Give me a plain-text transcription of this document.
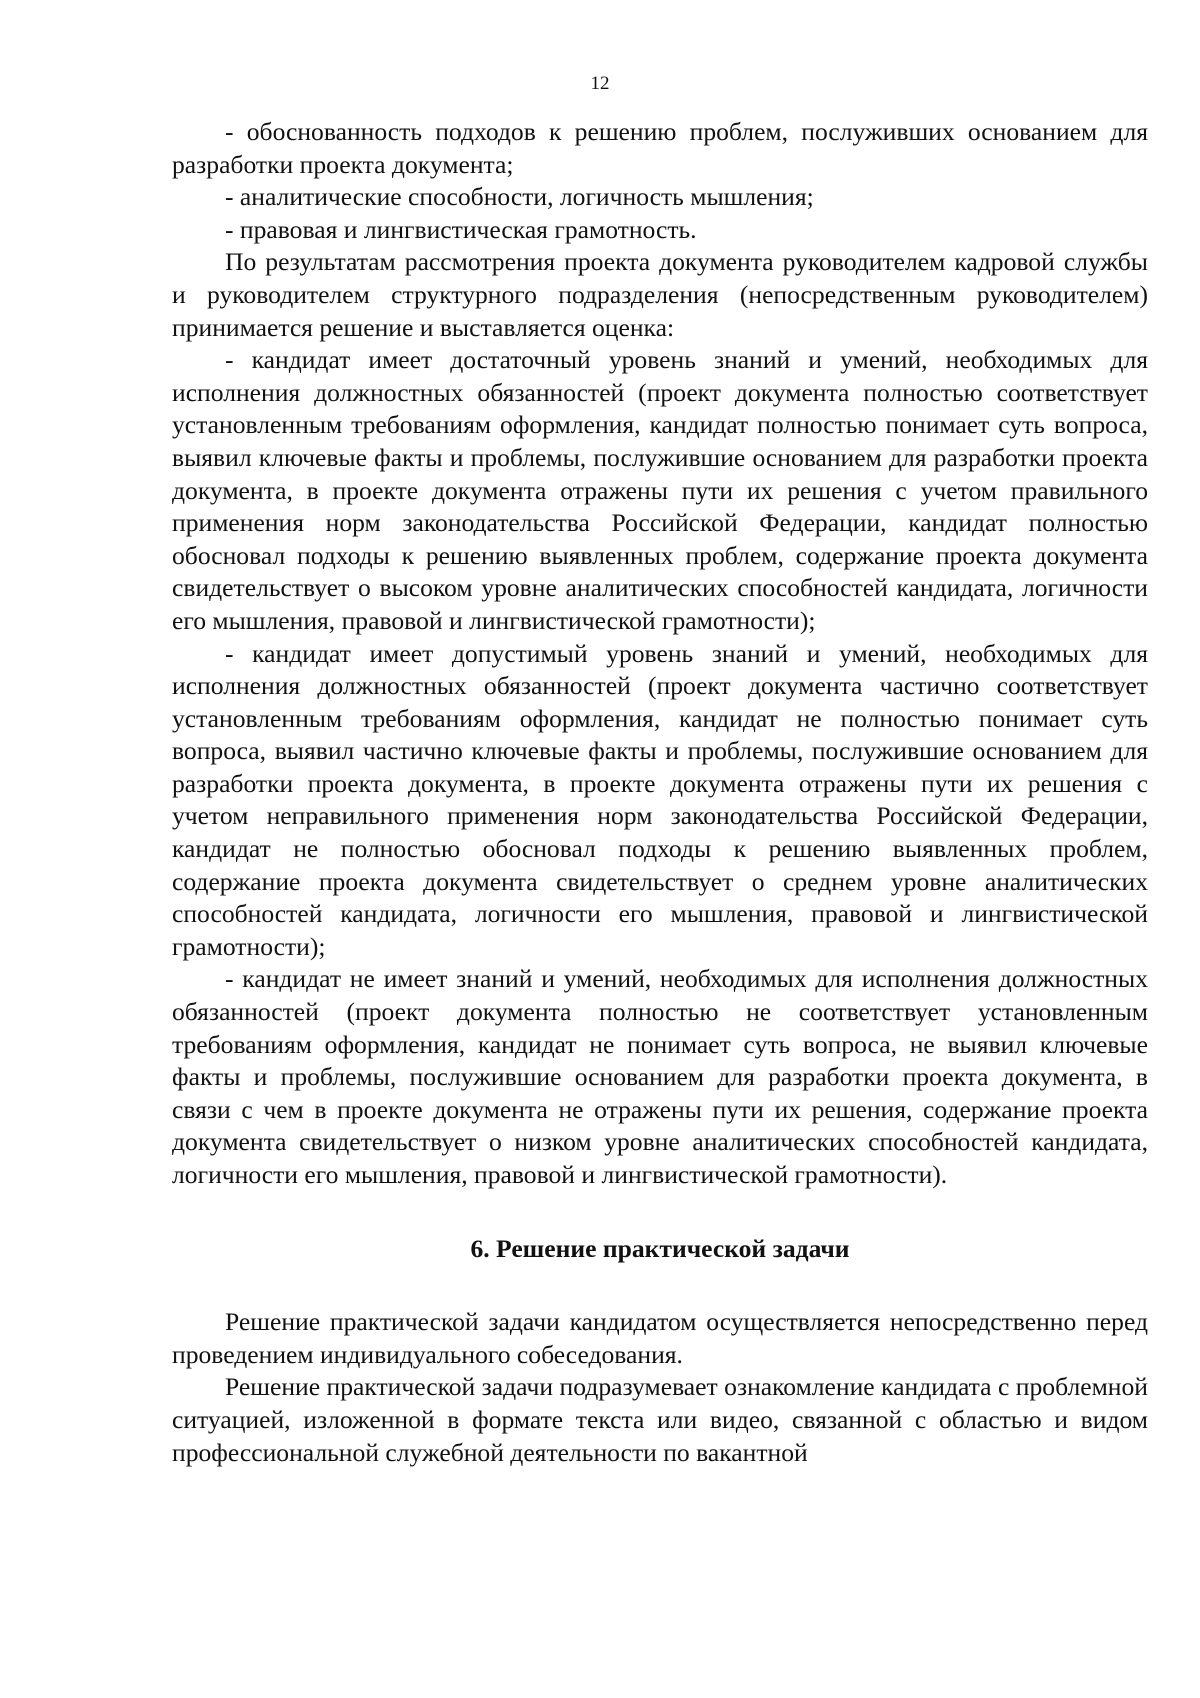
12

- обоснованность подходов к решению проблем, послуживших основанием для разработки проекта документа;

- аналитические способности, логичность мышления;

- правовая и лингвистическая грамотность.

По результатам рассмотрения проекта документа руководителем кадровой службы и руководителем структурного подразделения (непосредственным руководителем) принимается решение и выставляется оценка:

- кандидат имеет достаточный уровень знаний и умений, необходимых для исполнения должностных обязанностей (проект документа полностью соответствует установленным требованиям оформления, кандидат полностью понимает суть вопроса, выявил ключевые факты и проблемы, послужившие основанием для разработки проекта документа, в проекте документа отражены пути их решения с учетом правильного применения норм законодательства Российской Федерации, кандидат полностью обосновал подходы к решению выявленных проблем, содержание проекта документа свидетельствует о высоком уровне аналитических способностей кандидата, логичности его мышления, правовой и лингвистической грамотности);

- кандидат имеет допустимый уровень знаний и умений, необходимых для исполнения должностных обязанностей (проект документа частично соответствует установленным требованиям оформления, кандидат не полностью понимает суть вопроса, выявил частично ключевые факты и проблемы, послужившие основанием для разработки проекта документа, в проекте документа отражены пути их решения с учетом неправильного применения норм законодательства Российской Федерации, кандидат не полностью обосновал подходы к решению выявленных проблем, содержание проекта документа свидетельствует о среднем уровне аналитических способностей кандидата, логичности его мышления, правовой и лингвистической грамотности);

- кандидат не имеет знаний и умений, необходимых для исполнения должностных обязанностей (проект документа полностью не соответствует установленным требованиям оформления, кандидат не понимает суть вопроса, не выявил ключевые факты и проблемы, послужившие основанием для разработки проекта документа, в связи с чем в проекте документа не отражены пути их решения, содержание проекта документа свидетельствует о низком уровне аналитических способностей кандидата, логичности его мышления, правовой и лингвистической грамотности).

6. Решение практической задачи

Решение практической задачи кандидатом осуществляется непосредственно перед проведением индивидуального собеседования.

Решение практической задачи подразумевает ознакомление кандидата с проблемной ситуацией, изложенной в формате текста или видео, связанной с областью и видом профессиональной служебной деятельности по вакантной
